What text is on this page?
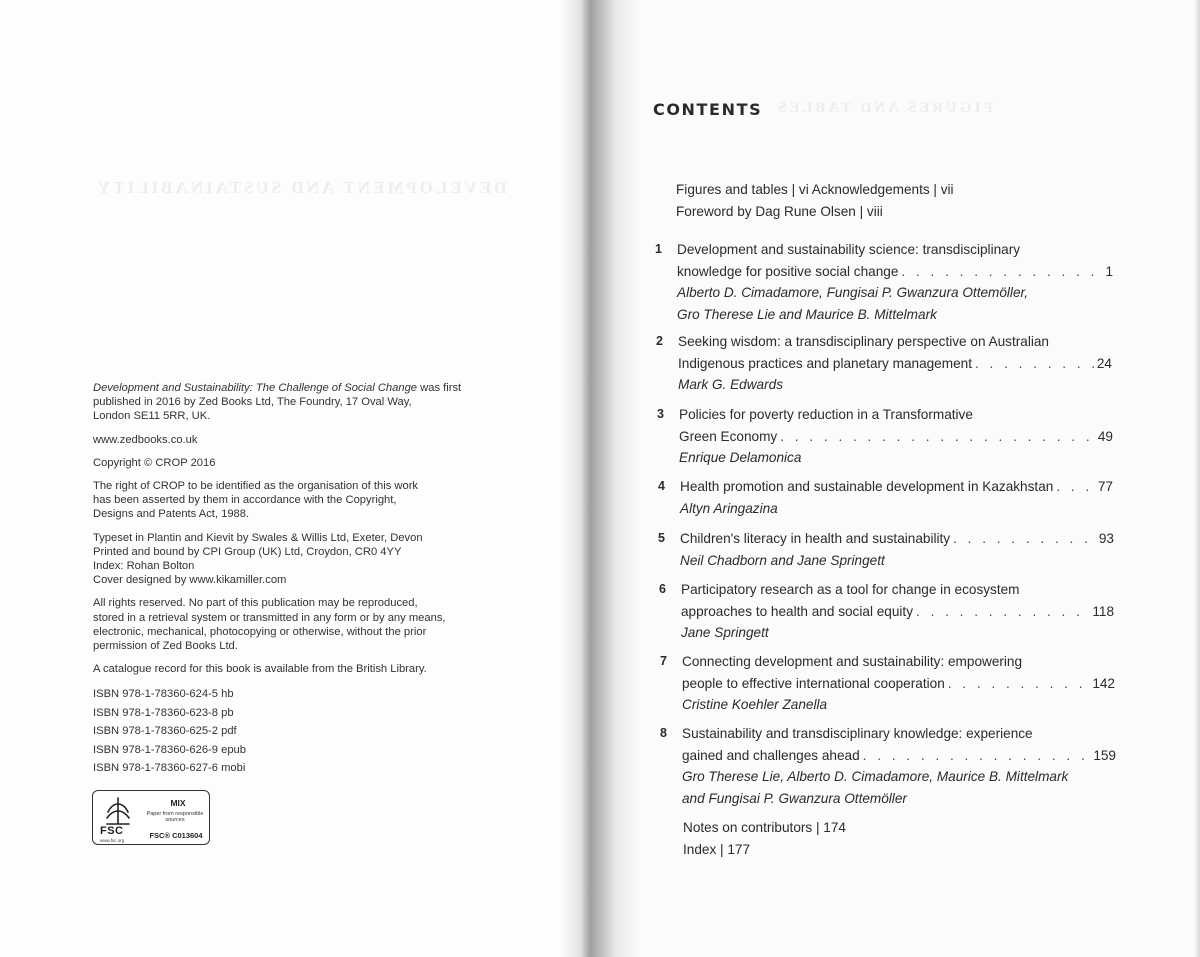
DEVELOPMENT AND SUSTAINABILITY

Development and Sustainability: The Challenge of Social Change was first
published in 2016 by Zed Books Ltd, The Foundry, 17 Oval Way,
London SE11 5RR, UK.

www.zedbooks.co.uk

Copyright © CROP 2016

The right of CROP to be identified as the organisation of this work
has been asserted by them in accordance with the Copyright,
Designs and Patents Act, 1988.

Typeset in Plantin and Kievit by Swales & Willis Ltd, Exeter, Devon
Printed and bound by CPI Group (UK) Ltd, Croydon, CR0 4YY
Index: Rohan Bolton
Cover designed by www.kikamiller.com

All rights reserved. No part of this publication may be reproduced,
stored in a retrieval system or transmitted in any form or by any means,
electronic, mechanical, photocopying or otherwise, without the prior
permission of Zed Books Ltd.

A catalogue record for this book is available from the British Library.

ISBN 978-1-78360-624-5 hb
ISBN 978-1-78360-623-8 pb
ISBN 978-1-78360-625-2 pdf
ISBN 978-1-78360-626-9 epub
ISBN 978-1-78360-627-6 mobi
FSC
www.fsc.org
MIX
Paper from responsible sources
FSC® C013604
FIGURES AND TABLES
CONTENTS
Figures and tables | vi Acknowledgements | vii
Foreword by Dag Rune Olsen | viii
1 Development and sustainability science: transdisciplinary
knowledge for positive social change . . .	1
Alberto D. Cimadamore, Fungisai P. Gwanzura Ottemöller,
Gro Therese Lie and Maurice B. Mittelmark
2 Seeking wisdom: a transdisciplinary perspective on Australian
Indigenous practices and planetary management . . .	24
Mark G. Edwards
3 Policies for poverty reduction in a Transformative
Green Economy . . .	49
Enrique Delamonica
4 Health promotion and sustainable development in Kazakhstan . . .	77
Altyn Aringazina
5 Children's literacy in health and sustainability . . .	93
Neil Chadborn and Jane Springett
6 Participatory research as a tool for change in ecosystem
approaches to health and social equity . . .	118
Jane Springett
7 Connecting development and sustainability: empowering
people to effective international cooperation . . .	142
Cristine Koehler Zanella
8 Sustainability and transdisciplinary knowledge: experience
gained and challenges ahead . . .	159
Gro Therese Lie, Alberto D. Cimadamore, Maurice B. Mittelmark
and Fungisai P. Gwanzura Ottemöller
Notes on contributors | 174
Index | 177
